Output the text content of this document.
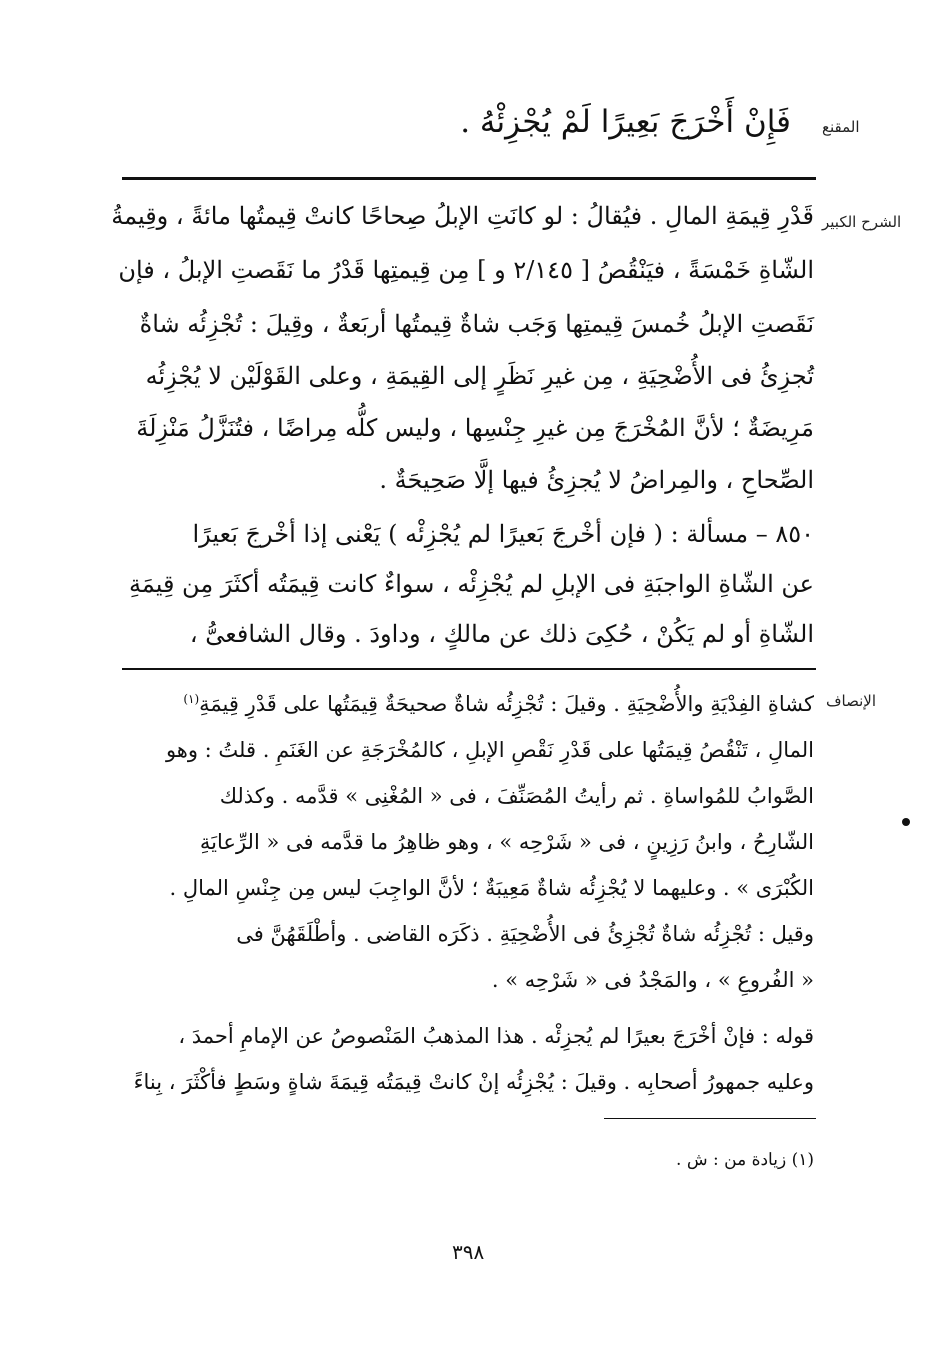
المقنع
فَإِنْ أَخْرَجَ بَعِيرًا لَمْ يُجْزِئْهُ .
الشرح الكبير
قَدْرِ قِيمَةِ المالِ . فيُقالُ : لو كانَتِ الإبلُ صِحاحًا كانتْ قِيمتُها مائةً ، وقِيمةُ
الشّاةِ خَمْسَةً ، فيَنْقُصُ [ ٢/١٤٥ و ] مِن قِيمتِها قَدْرُ ما نَقَصتِ الإبلُ ، فإن
نَقَصتِ الإبلُ خُمسَ قِيمتِها وَجَب شاةٌ قِيمتُها أربَعةٌ ، وقِيلَ : تُجْزِئُه شاةٌ
تُجزِئُ فى الأُضْحِيَةِ ، مِن غيرِ نَظَرٍ إلى القِيمَةِ ، وعلى القَوْلَيْن لا يُجْزِئُه
مَرِيضَةٌ ؛ لأنَّ المُخْرَجَ مِن غيرِ جِنْسِها ، وليس كلُّه مِراضًا ، فتُنَزَّلُ مَنْزِلَةَ
الصِّحاحِ ، والمِراضُ لا يُجزِئُ فيها إلَّا صَحِيحَةٌ .
٨٥٠ – مسألة : ( فإن أخْرجَ بَعيرًا لم يُجْزِئْه ) يَعْنى إذا أخْرجَ بَعيرًا
عن الشّاةِ الواجبَةِ فى الإبلِ لم يُجْزِئْه ، سواءٌ كانت قِيمَتُه أكثَرَ مِن قِيمَةِ
الشّاةِ أو لم يَكُنْ ، حُكِىَ ذلك عن مالكٍ ، وداودَ . وقال الشافعىُّ ،
الإنصاف
كشاةِ الفِدْيَةِ والأُضْحِيَةِ . وقيلَ : تُجْزِئُه شاةٌ صحيحَةٌ قِيمَتُها على قَدْرِ قِيمَةِ$^{(١)}$
المالِ ، تَنْقُصُ قِيمَتُها على قَدْرِ نَقْصِ الإبلِ ، كالمُخْرَجَةِ عن الغَنَمِ . قلتُ : وهو
الصَّوابُ للمُواساةِ . ثم رأيتُ المُصَنِّفَ ، فى « المُغْنِى » قدَّمه . وكذلك
الشّارِحُ ، وابنُ رَزِينٍ ، فى « شَرْحِه » ، وهو ظاهِرُ ما قدَّمه فى « الرِّعايَةِ
الكُبْرَى » . وعليهما لا يُجْزِئُه شاةٌ مَعِيبَةٌ ؛ لأنَّ الواجِبَ ليس مِن جِنْسِ المالِ .
وقيل : تُجْزِئُه شاةٌ تُجْزِئُ فى الأُضْحِيَةِ . ذكَرَه القاضى . وأطْلَقَهُنَّ فى
« الفُروعِ » ، والمَجْدُ فى « شَرْحِه » .
قوله : فإنْ أخْرَجَ بعيرًا لم يُجزِئْه . هذا المذهبُ المَنْصوصُ عن الإمامِ أحمدَ ،
وعليه جمهورُ أصحابِه . وقيلَ : يُجْزِئُه إنْ كانتْ قِيمَتُه قِيمَةَ شاةٍ وسَطٍ فأكْثَرَ ، بِناءً
(١) زيادة من : ش .
٣٩٨
